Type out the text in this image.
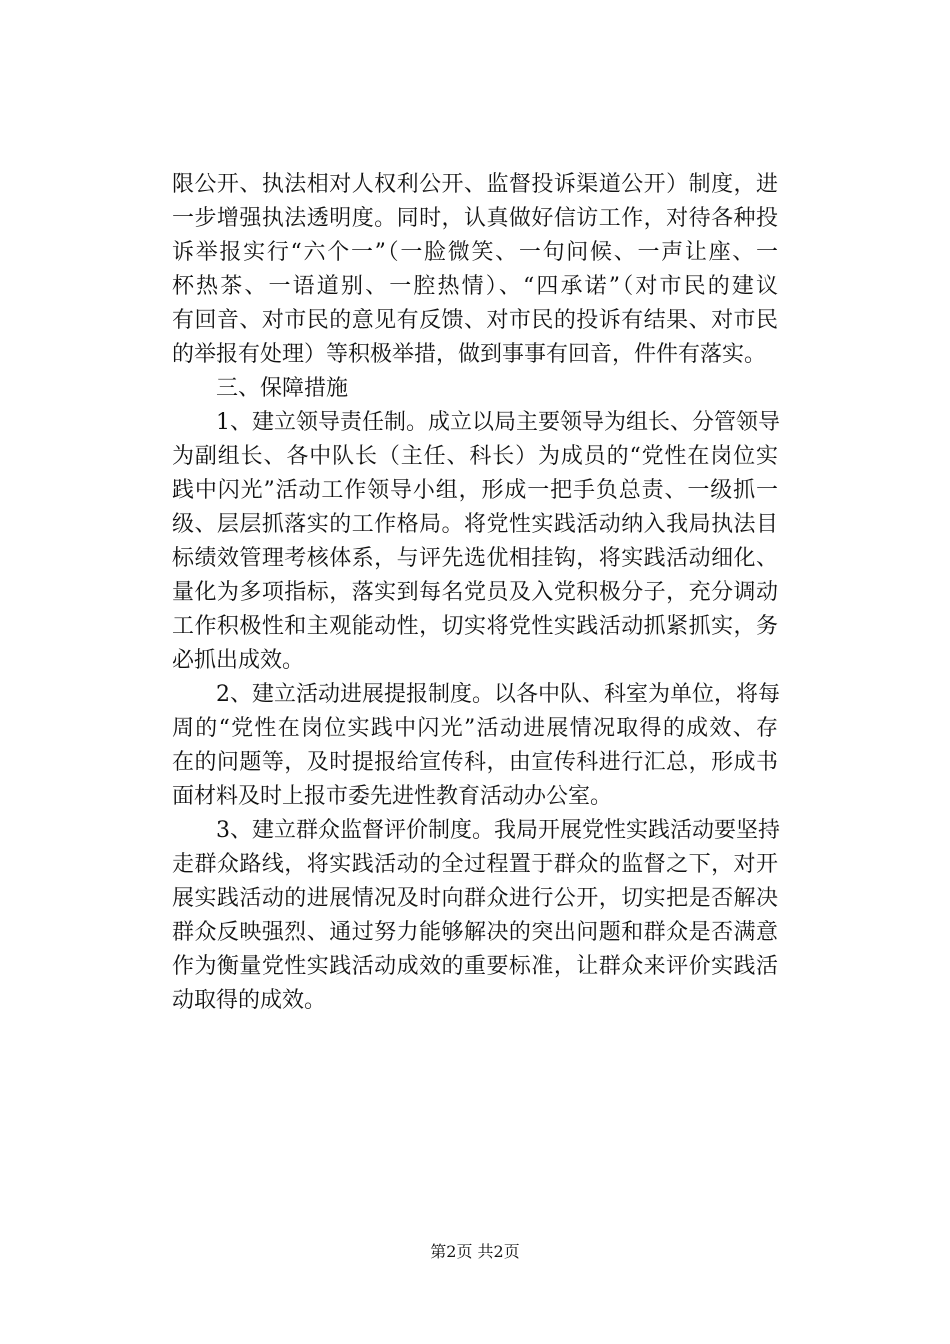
限公开、执法相对人权利公开、监督投诉渠道公开）制度，进
一步增强执法透明度。同时，认真做好信访工作，对待各种投
诉举报实行“六个一”（一脸微笑、一句问候、一声让座、一
杯热茶、一语道别、一腔热情）、“四承诺”（对市民的建议
有回音、对市民的意见有反馈、对市民的投诉有结果、对市民
的举报有处理）等积极举措，做到事事有回音，件件有落实。
　　三、保障措施
　　1、建立领导责任制。成立以局主要领导为组长、分管领导
为副组长、各中队长（主任、科长）为成员的“党性在岗位实
践中闪光”活动工作领导小组，形成一把手负总责、一级抓一
级、层层抓落实的工作格局。将党性实践活动纳入我局执法目
标绩效管理考核体系，与评先选优相挂钩，将实践活动细化、
量化为多项指标，落实到每名党员及入党积极分子，充分调动
工作积极性和主观能动性，切实将党性实践活动抓紧抓实，务
必抓出成效。
　　2、建立活动进展提报制度。以各中队、科室为单位，将每
周的“党性在岗位实践中闪光”活动进展情况取得的成效、存
在的问题等，及时提报给宣传科，由宣传科进行汇总，形成书
面材料及时上报市委先进性教育活动办公室。
　　3、建立群众监督评价制度。我局开展党性实践活动要坚持
走群众路线，将实践活动的全过程置于群众的监督之下，对开
展实践活动的进展情况及时向群众进行公开，切实把是否解决
群众反映强烈、通过努力能够解决的突出问题和群众是否满意
作为衡量党性实践活动成效的重要标准，让群众来评价实践活
动取得的成效。
第2页 共2页
